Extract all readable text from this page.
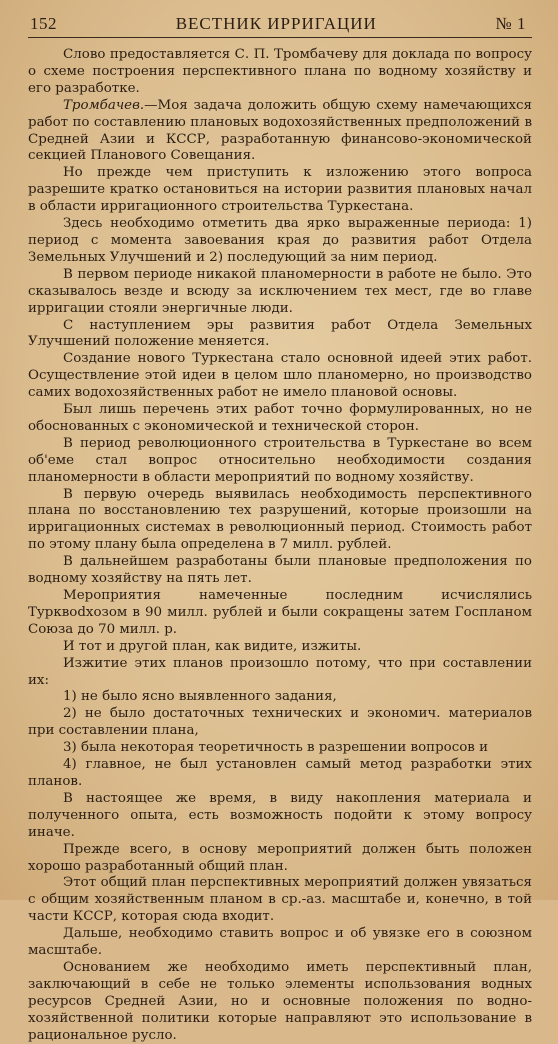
152	ВЕСТНИК ИРРИГАЦИИ	№ 1

Слово предоставляется С. П. Тромбачеву для доклада по вопросу о схеме построения перспективного плана по водному хозяйству и его разработке.

Тромбачев.—Моя задача доложить общую схему намечающихся работ по составлению плановых водохозяйственных предположений в Средней Азии и КССР, разработанную финансово-экономической секцией Планового Совещания.

Но прежде чем приступить к изложению этого вопроса разрешите кратко остановиться на истории развития плановых начал в области ирригационного строительства Туркестана.

Здесь необходимо отметить два ярко выраженные периода: 1) период с момента завоевания края до развития работ Отдела Земельных Улучшений и 2) последующий за ним период.

В первом периоде никакой планомерности в работе не было. Это сказывалось везде и всюду за исключением тех мест, где во главе ирригации стояли энергичные люди.

С наступлением эры развития работ Отдела Земельных Улучшений положение меняется.

Создание нового Туркестана стало основной идеей этих работ. Осуществление этой идеи в целом шло планомерно, но производство самих водохозяйственных работ не имело плановой основы.

Был лишь перечень этих работ точно формулированных, но не обоснованных с экономической и технической сторон.

В период революционного строительства в Туркестане во всем об'еме стал вопрос относительно необходимости создания планомерности в области мероприятий по водному хозяйству.

В первую очередь выявилась необходимость перспективного плана по восстановлению тех разрушений, которые произошли на ирригационных системах в революционный период. Стоимость работ по этому плану была определена в 7 милл. рублей.

В дальнейшем разработаны были плановые предположения по водному хозяйству на пять лет.

Мероприятия намеченные последним исчислялись Турквodхозом в 90 милл. рублей и были сокращены затем Госпланом Союза до 70 милл. р.

И тот и другой план, как видите, изжиты.

Изжитие этих планов произошло потому, что при составлении их:

1) не было ясно выявленного задания,

2) не было достаточных технических и экономич. материалов при составлении плана,

3) была некоторая теоретичность в разрешении вопросов и

4) главное, не был установлен самый метод разработки этих планов.

В настоящее же время, в виду накопления материала и полученного опыта, есть возможность подойти к этому вопросу иначе.

Прежде всего, в основу мероприятий должен быть положен хорошо разработанный общий план.

Этот общий план перспективных мероприятий должен увязаться с общим хозяйственным планом в ср.-аз. масштабе и, конечно, в той части КССР, которая сюда входит.

Дальше, необходимо ставить вопрос и об увязке его в союзном масштабе.

Основанием же необходимо иметь перспективный план, заключающий в себе не только элементы использования водных ресурсов Средней Азии, но и основные положения по водно-хозяйственной политики которые направляют это использование в рациональное русло.
